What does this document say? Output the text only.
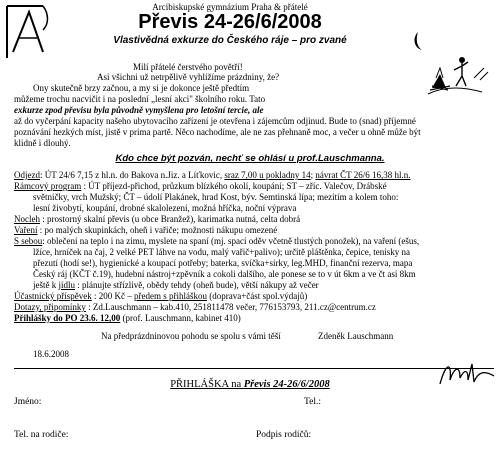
Arcibiskupské gymnázium Praha & přátelé
Převis 24-26/6/2008
Vlastivědná exkurze do Českého ráje – pro zvané
Milí přátelé čerstvého povětří!
Asi všichni už netrpělivě vyhlížíme prázdniny, že?
Ony skutečně brzy začnou, a my si je dokonce ještě předtím
můžeme trochu nacvičit i na poslední „lesní akci" školního roku. Tato
exkurze zpod převisu byla původně vymyšlena pro letošní tercie, ale
až do vyčerpání kapacity našeho ubytovacího zařízení je otevřena i zájemcům odjinud. Bude to (snad) příjemné
poznávání hezkých míst, jistě v prima partě. Něco nachodíme, ale ne zas přehnaně moc, a večer u ohně může být
klidně i dlouhý.
Kdo chce být pozván, nechť se ohlásí u prof.Lauschmanna.
Odjezd: ÚT 24/6 7,15 z hl.n. do Bakova n.Jiz. a Líťkovic, sraz 7,00 u pokladny 14; návrat ČT 26/6 16,38 hl.n.
Rámcový program : ÚT příjezd-přichod, průzkum blízkého okolí, koupání; ST – zříc. Valečov, Drábské
světničky, vrch Mužský; ČT – údolí Plakánek, hrad Kost, býv. Semtinská lípa; mezitím a kolem toho:
lesní živobytí, koupání, drobné skalolezení, možná hříčka, noční výprava
Nocleh : prostorný skalní převis (u obce Branžež), karimatka nutná, celta dobrá
Vaření : po malých skupinkách, oheň i vařiče; možnosti nákupu omezené
S sebou: oblečení na teplo i na zimu, myslete na spaní (mj. spací oděv včetně tlustých ponožek), na vaření (ešus,
lžíce, hrníček na čaj, 2 velké PET láhve na vodu, malý vařič+palivo); určitě pláštěnka, čepice, tenisky na
přezutí (hodí se!), hygienické a koupací potřeby; baterka, svíčka+sirky, leg.MHD, finanční rezerva, mapa
Český ráj (KČT č.19), hudební nástroj+zpěvník a cokoli dalšího, ale ponese se to v út 6km a ve čt asi 8km
ještě k jídlu : plánujte střízlivě, obědy tehdy (oheň bude), větší nákupy až večer
Účastnický příspěvek : 200 Kč – předem s přihláškou (doprava+část spol.výdajů)
Dotazy, připomínky : Zd.Lauschmann – kab.410, 251811478 večer, 776153793, 211.cz@centrum.cz
Přihlášky do PO 23.6. 12,00 (prof. Lauschmann, kabinet 410)
Na předprázdninovou pohodu se spolu s vámi těší	Zdeněk Lauschmann
18.6.2008
PŘIHLÁŠKA na Převis 24-26/6/2008
Jméno:	Tel.:
Tel. na rodiče:	Podpis rodičů:
